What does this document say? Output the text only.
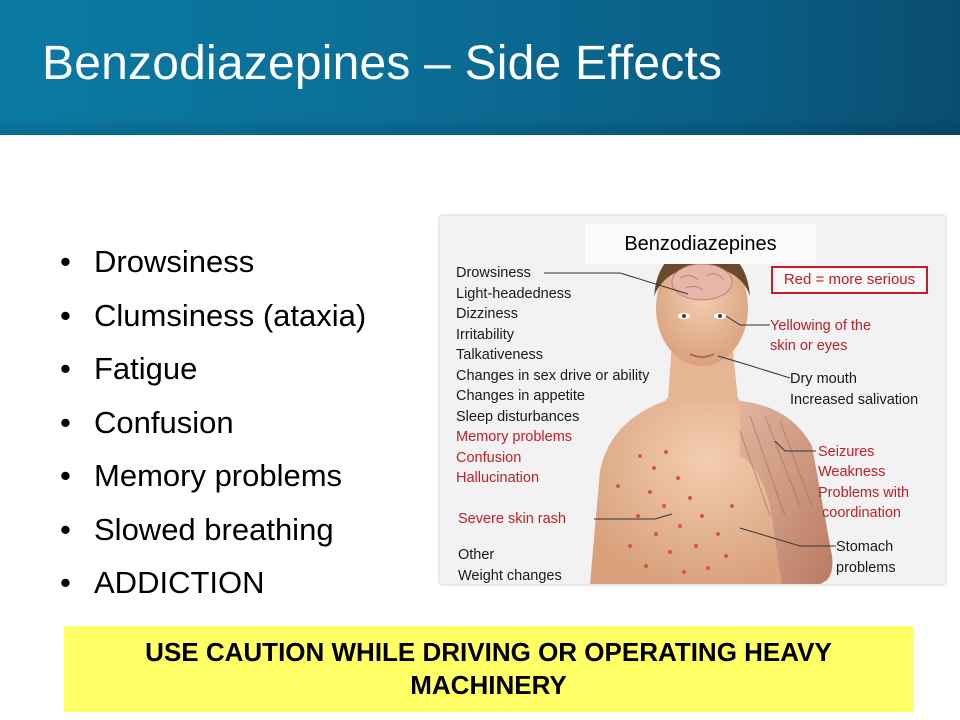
Benzodiazepines – Side Effects
• Drowsiness
• Clumsiness (ataxia)
• Fatigue
• Confusion
• Memory problems
• Slowed breathing
• ADDICTION
Benzodiazepines
Red = more serious
Drowsiness
Light-headedness
Dizziness
Irritability
Talkativeness
Changes in sex drive or ability
Changes in appetite
Sleep disturbances
Memory problems
Confusion
Hallucination
Severe skin rash
Other
Weight changes
Yellowing of the
skin or eyes
Dry mouth
Increased salivation
Seizures
Weakness
Problems with
coordination
Stomach
problems
USE CAUTION WHILE DRIVING OR OPERATING HEAVY MACHINERY
